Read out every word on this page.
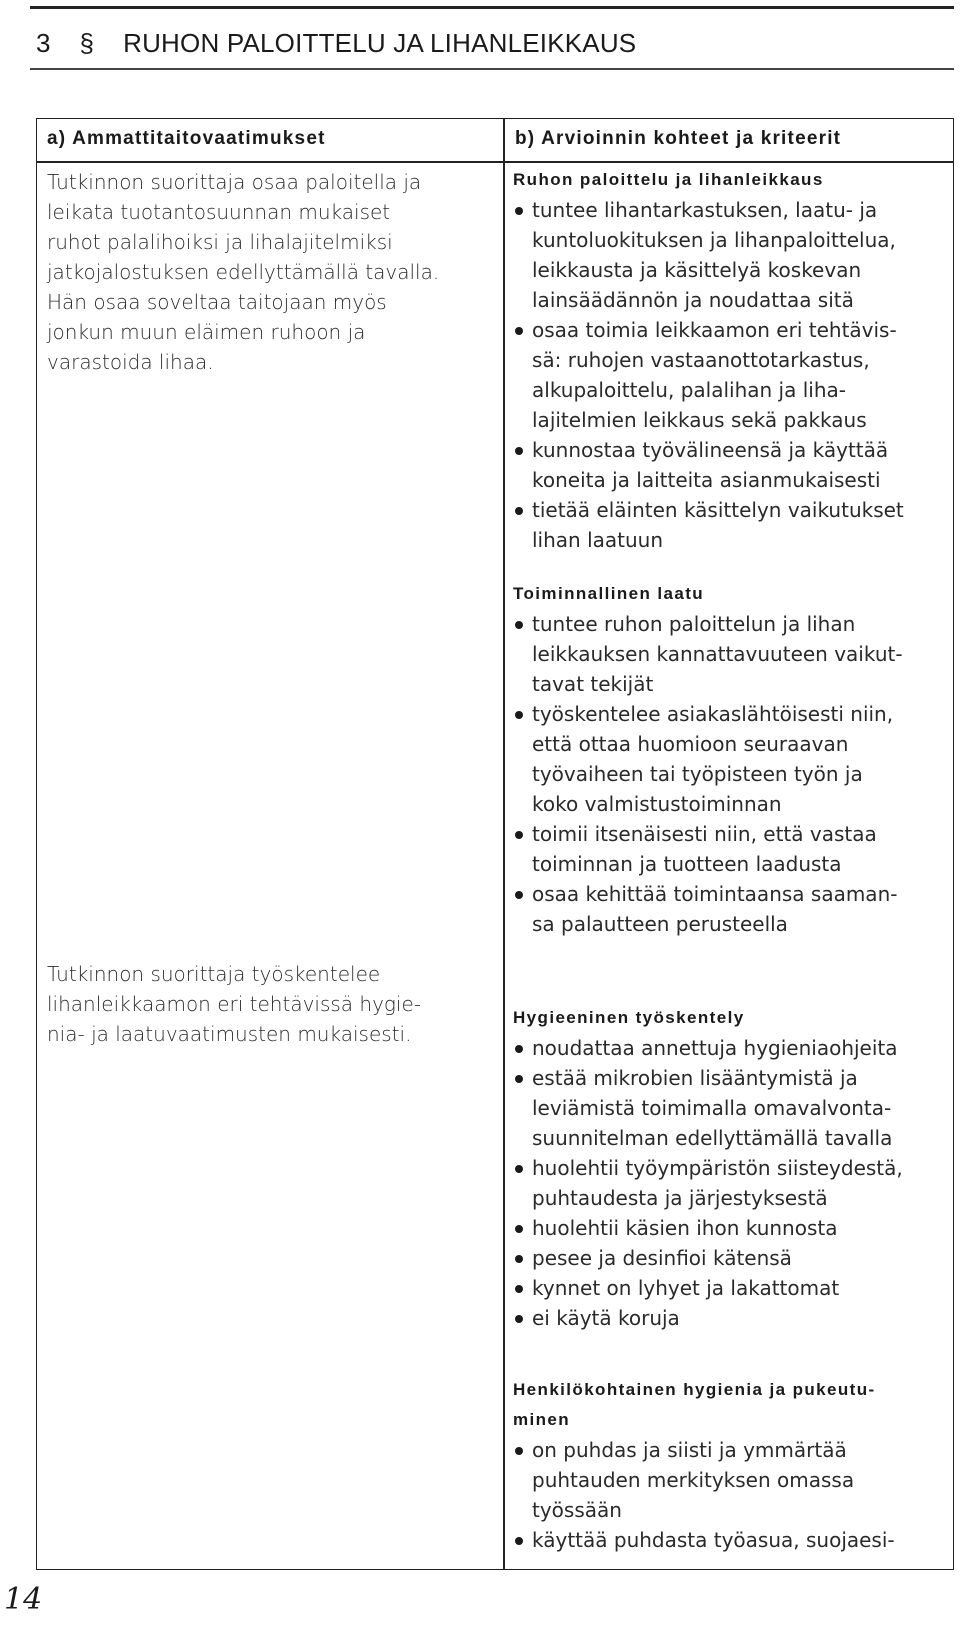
3 § RUHON PALOITTELU JA LIHANLEIKKAUS
a) Ammattitaitovaatimukset	b) Arvioinnin kohteet ja kriteerit
Tutkinnon suorittaja osaa paloitella ja
leikata tuotantosuunnan mukaiset
ruhot palalihoiksi ja lihalajitelmiksi
jatkojalostuksen edellyttämällä tavalla.
Hän osaa soveltaa taitojaan myös
jonkun muun eläimen ruhoon ja
varastoida lihaa.
Tutkinnon suorittaja työskentelee
lihanleikkaamon eri tehtävissä hygie-
nia- ja laatuvaatimusten mukaisesti.
Ruhon paloittelu ja lihanleikkaus
tuntee lihantarkastuksen, laatu- ja
kuntoluokituksen ja lihanpaloittelua,
leikkausta ja käsittelyä koskevan
lainsäädännön ja noudattaa sitä
osaa toimia leikkaamon eri tehtävis-
sä: ruhojen vastaanottotarkastus,
alkupaloittelu, palalihan ja liha-
lajitelmien leikkaus sekä pakkaus
kunnostaa työvälineensä ja käyttää
koneita ja laitteita asianmukaisesti
tietää eläinten käsittelyn vaikutukset
lihan laatuun
Toiminnallinen laatu
tuntee ruhon paloittelun ja lihan
leikkauksen kannattavuuteen vaikut-
tavat tekijät
työskentelee asiakaslähtöisesti niin,
että ottaa huomioon seuraavan
työvaiheen tai työpisteen työn ja
koko valmistustoiminnan
toimii itsenäisesti niin, että vastaa
toiminnan ja tuotteen laadusta
osaa kehittää toimintaansa saaman-
sa palautteen perusteella
Hygieeninen työskentely
noudattaa annettuja hygieniaohjeita
estää mikrobien lisääntymistä ja
leviämistä toimimalla omavalvonta-
suunnitelman edellyttämällä tavalla
huolehtii työympäristön siisteydestä,
puhtaudesta ja järjestyksestä
huolehtii käsien ihon kunnosta
pesee ja desinfioi kätensä
kynnet on lyhyet ja lakattomat
ei käytä koruja
Henkilökohtainen hygienia ja pukeutu-
minen
on puhdas ja siisti ja ymmärtää
puhtauden merkityksen omassa
työssään
käyttää puhdasta työasua, suojaesi-
14
